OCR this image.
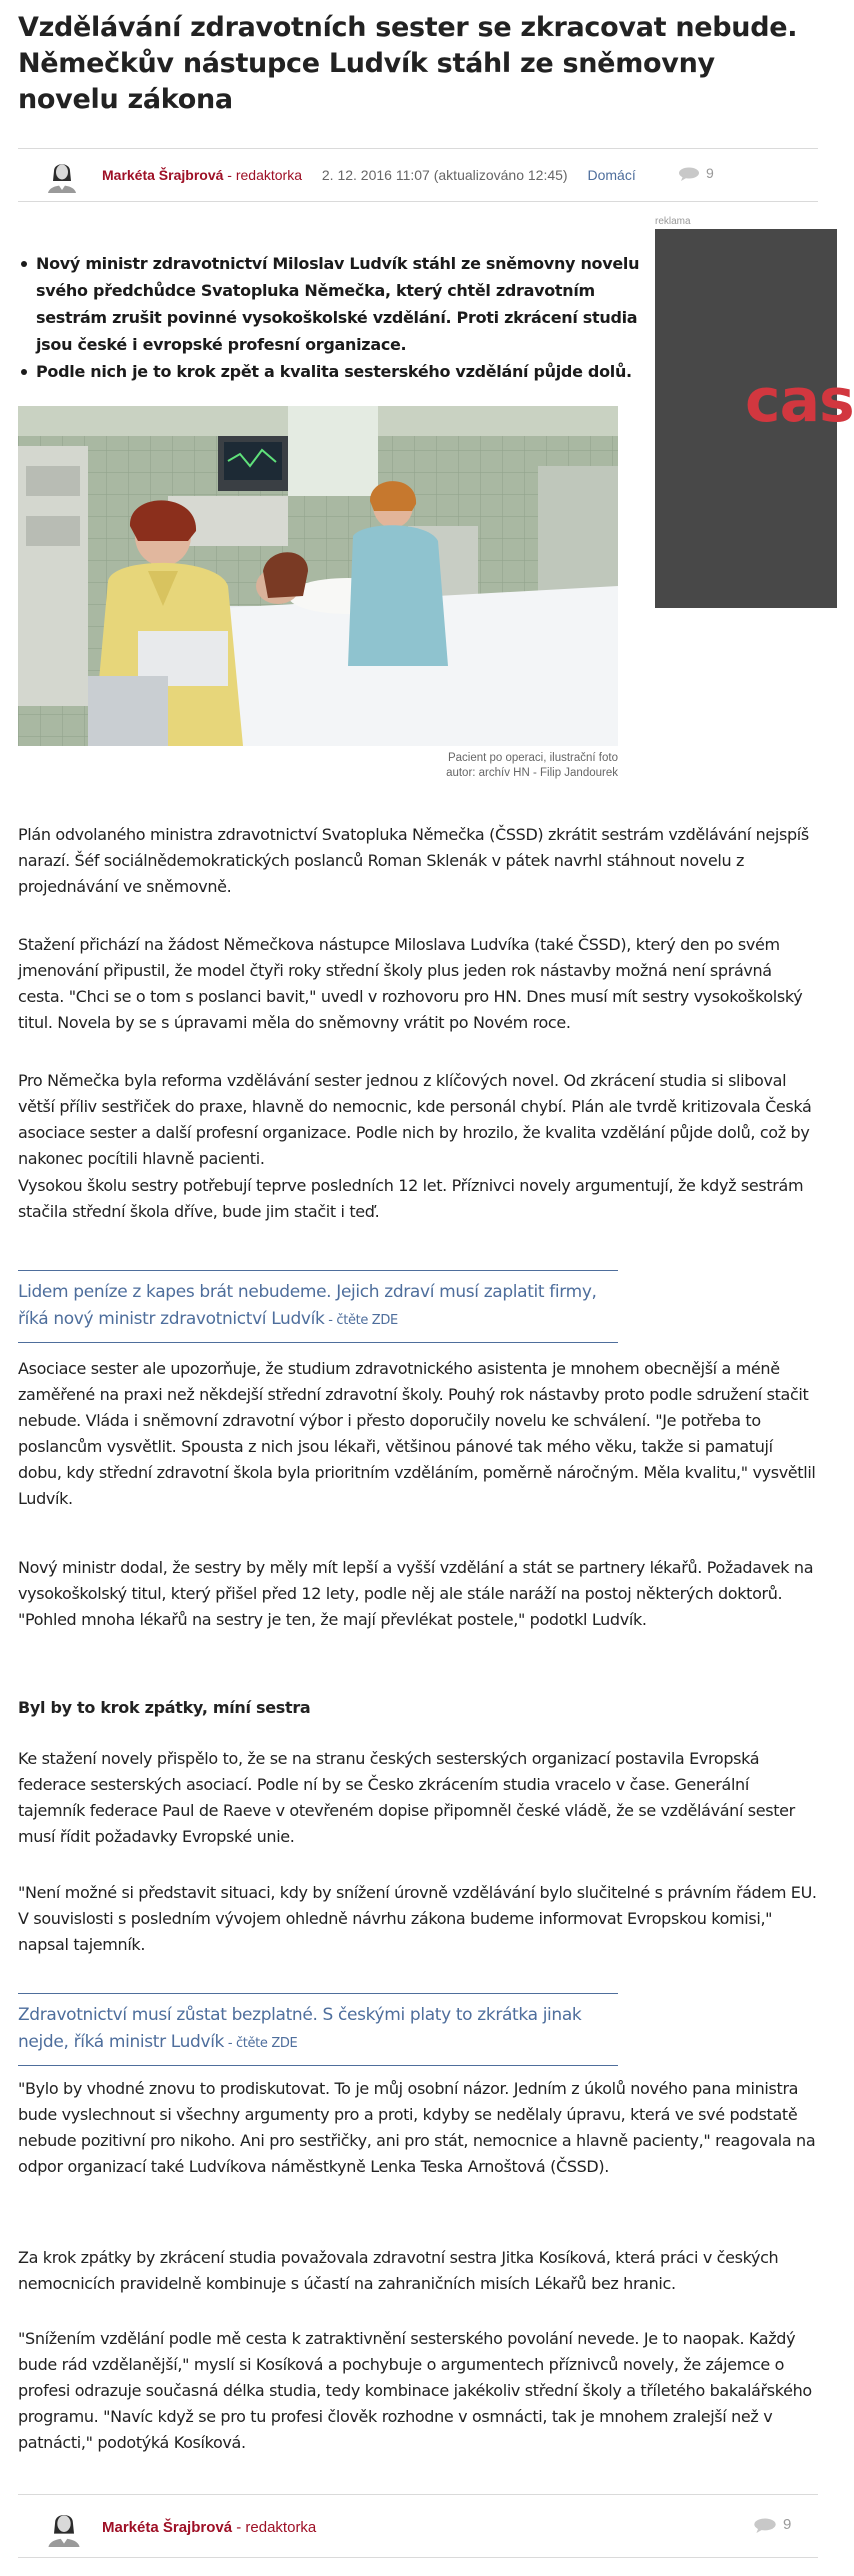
Vzdělávání zdravotních sester se zkracovat nebude. Němečkův nástupce Ludvík stáhl ze sněmovny novelu zákona
Markéta Šrajbrová - redaktorka 2. 12. 2016 11:07 (aktualizováno 12:45) Domácí	9
reklama
cas
Nový ministr zdravotnictví Miloslav Ludvík stáhl ze sněmovny novelu svého předchůdce Svatopluka Němečka, který chtěl zdravotním sestrám zrušit povinné vysokoškolské vzdělání. Proti zkrácení studia jsou české i evropské profesní organizace.
Podle nich je to krok zpět a kvalita sesterského vzdělání půjde dolů.
Pacient po operaci, ilustrační foto
autor: archív HN - Filip Jandourek

Plán odvolaného ministra zdravotnictví Svatopluka Němečka (ČSSD) zkrátit sestrám vzdělávání nejspíš narazí. Šéf sociálnědemokratických poslanců Roman Sklenák v pátek navrhl stáhnout novelu z projednávání ve sněmovně.

Stažení přichází na žádost Němečkova nástupce Miloslava Ludvíka (také ČSSD), který den po svém jmenování připustil, že model čtyři roky střední školy plus jeden rok nástavby možná není správná cesta. "Chci se o tom s poslanci bavit," uvedl v rozhovoru pro HN. Dnes musí mít sestry vysokoškolský titul. Novela by se s úpravami měla do sněmovny vrátit po Novém roce.

Pro Němečka byla reforma vzdělávání sester jednou z klíčových novel. Od zkrácení studia si sliboval větší příliv sestřiček do praxe, hlavně do nemocnic, kde personál chybí. Plán ale tvrdě kritizovala Česká asociace sester a další profesní organizace. Podle nich by hrozilo, že kvalita vzdělání půjde dolů, což by nakonec pocítili hlavně pacienti.

Vysokou školu sestry potřebují teprve posledních 12 let. Příznivci novely argumentují, že když sestrám stačila střední škola dříve, bude jim stačit i teď.

Lidem peníze z kapes brát nebudeme. Jejich zdraví musí zaplatit firmy, říká nový ministr zdravotnictví Ludvík - čtěte ZDE

Asociace sester ale upozorňuje, že studium zdravotnického asistenta je mnohem obecnější a méně zaměřené na praxi než někdejší střední zdravotní školy. Pouhý rok nástavby proto podle sdružení stačit nebude. Vláda i sněmovní zdravotní výbor i přesto doporučily novelu ke schválení. "Je potřeba to poslancům vysvětlit. Spousta z nich jsou lékaři, většinou pánové tak mého věku, takže si pamatují dobu, kdy střední zdravotní škola byla prioritním vzděláním, poměrně náročným. Měla kvalitu," vysvětlil Ludvík.

Nový ministr dodal, že sestry by měly mít lepší a vyšší vzdělání a stát se partnery lékařů. Požadavek na vysokoškolský titul, který přišel před 12 lety, podle něj ale stále naráží na postoj některých doktorů. "Pohled mnoha lékařů na sestry je ten, že mají převlékat postele," podotkl Ludvík.

Byl by to krok zpátky, míní sestra

Ke stažení novely přispělo to, že se na stranu českých sesterských organizací postavila Evropská federace sesterských asociací. Podle ní by se Česko zkrácením studia vracelo v čase. Generální tajemník federace Paul de Raeve v otevřeném dopise připomněl české vládě, že se vzdělávání sester musí řídit požadavky Evropské unie.

"Není možné si představit situaci, kdy by snížení úrovně vzdělávání bylo slučitelné s právním řádem EU. V souvislosti s posledním vývojem ohledně návrhu zákona budeme informovat Evropskou komisi," napsal tajemník.

Zdravotnictví musí zůstat bezplatné. S českými platy to zkrátka jinak nejde, říká ministr Ludvík - čtěte ZDE

"Bylo by vhodné znovu to prodiskutovat. To je můj osobní názor. Jedním z úkolů nového pana ministra bude vyslechnout si všechny argumenty pro a proti, kdyby se nedělaly úpravu, která ve své podstatě nebude pozitivní pro nikoho. Ani pro sestřičky, ani pro stát, nemocnice a hlavně pacienty," reagovala na odpor organizací také Ludvíkova náměstkyně Lenka Teska Arnoštová (ČSSD).

Za krok zpátky by zkrácení studia považovala zdravotní sestra Jitka Kosíková, která práci v českých nemocnicích pravidelně kombinuje s účastí na zahraničních misích Lékařů bez hranic.

"Snížením vzdělání podle mě cesta k zatraktivnění sesterského povolání nevede. Je to naopak. Každý bude rád vzdělanější," myslí si Kosíková a pochybuje o argumentech příznivců novely, že zájemce o profesi odrazuje současná délka studia, tedy kombinace jakékoliv střední školy a tříletého bakalářského programu. "Navíc když se pro tu profesi člověk rozhodne v osmnácti, tak je mnohem zralejší než v patnácti," podotýká Kosíková.

Markéta Šrajbrová - redaktorka	9
